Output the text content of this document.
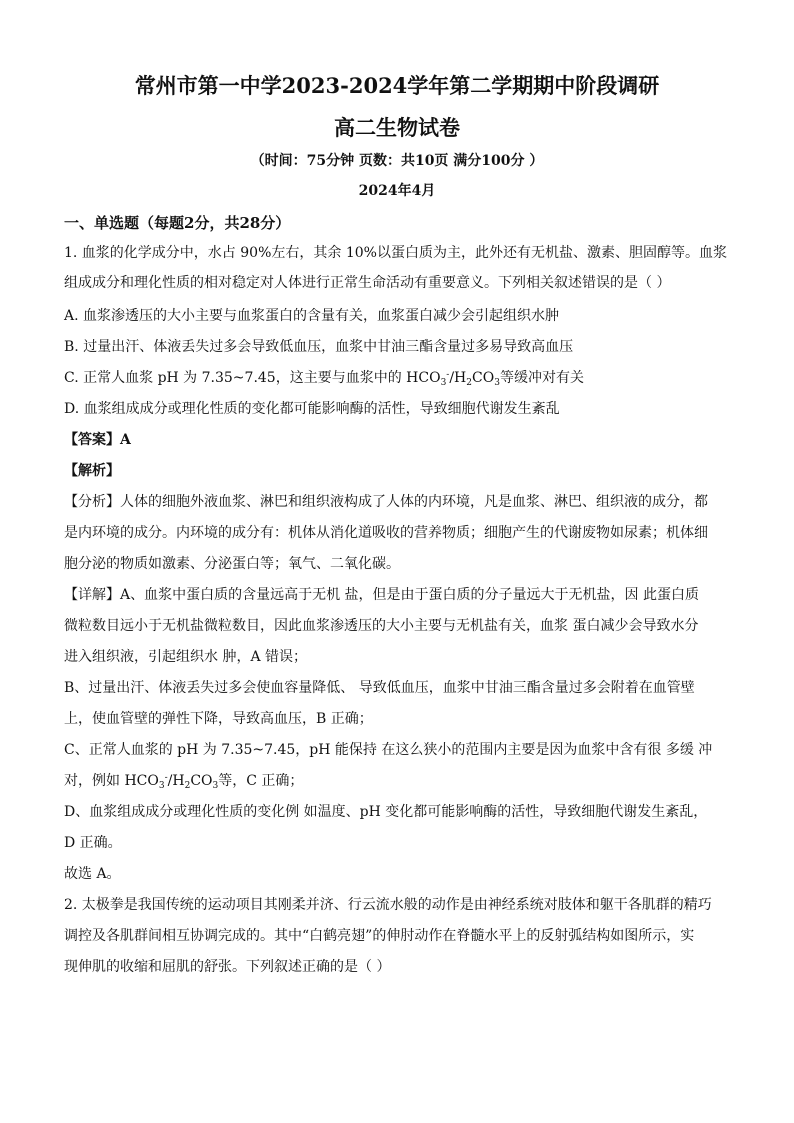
常州市第一中学2023-2024学年第二学期期中阶段调研
高二生物试卷
（时间：75分钟 页数：共10页 满分100分 ）
2024年4月
一、单选题（每题2分，共28分）
1. 血浆的化学成分中，水占 90%左右，其余 10%以蛋白质为主，此外还有无机盐、激素、胆固醇等。血浆
组成成分和理化性质的相对稳定对人体进行正常生命活动有重要意义。下列相关叙述错误的是（ ）
A. 血浆渗透压的大小主要与血浆蛋白的含量有关，血浆蛋白减少会引起组织水肿
B. 过量出汗、体液丢失过多会导致低血压，血浆中甘油三酯含量过多易导致高血压
C. 正常人血浆 pH 为 7.35~7.45，这主要与血浆中的 $HCO_3^-/H_2CO_3$等缓冲对有关
D. 血浆组成成分或理化性质的变化都可能影响酶的活性，导致细胞代谢发生紊乱
【答案】A
【解析】
【分析】人体的细胞外液血浆、淋巴和组织液构成了人体的内环境，凡是血浆、淋巴、组织液的成分，都
是内环境的成分。内环境的成分有：机体从消化道吸收的营养物质；细胞产生的代谢废物如尿素；机体细
胞分泌的物质如激素、分泌蛋白等；氧气、二氧化碳。
【详解】A、血浆中蛋白质的含量远高于无机 盐，但是由于蛋白质的分子量远大于无机盐，因 此蛋白质
微粒数目远小于无机盐微粒数目，因此血浆渗透压的大小主要与无机盐有关，血浆 蛋白减少会导致水分
进入组织液，引起组织水 肿，A 错误；
B、过量出汗、体液丢失过多会使血容量降低、 导致低血压，血浆中甘油三酯含量过多会附着在血管壁
上，使血管壁的弹性下降，导致高血压，B 正确；
C、正常人血浆的 pH 为 7.35~7.45，pH 能保持 在这么狭小的范围内主要是因为血浆中含有很 多缓 冲
对，例如 $HCO_3^-/H_2CO_3$等，C 正确；
D、血浆组成成分或理化性质的变化例 如温度、pH 变化都可能影响酶的活性，导致细胞代谢发生紊乱，
D 正确。
故选 A。
2. 太极拳是我国传统的运动项目其刚柔并济、行云流水般的动作是由神经系统对肢体和躯干各肌群的精巧
调控及各肌群间相互协调完成的。其中“白鹤亮翅”的伸肘动作在脊髓水平上的反射弧结构如图所示，实
现伸肌的收缩和屈肌的舒张。下列叙述正确的是（ ）
